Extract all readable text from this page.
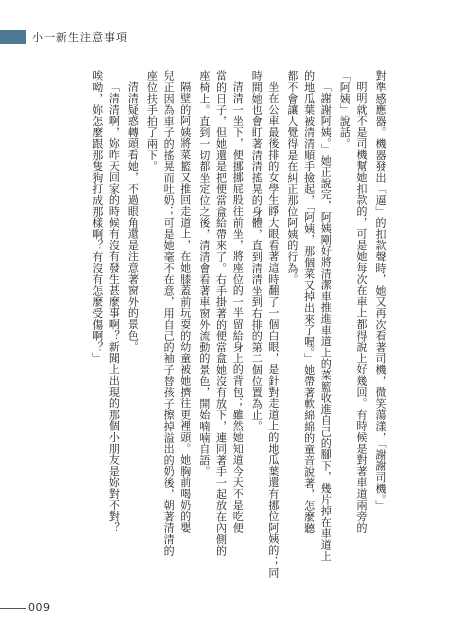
小一新生注意事項
對準感應器。機器發出「逼」的扣款聲時，她又再次看著司機，微笑蕩漾，「謝謝司機。」
明明就不是司機幫她扣款的，可是她每次在車上都得說上好幾回。有時候是對著車道兩旁的
「阿姨」說話。
「謝謝阿姨。」她正說完，阿姨剛好將清潔車推進車道上的菜籃收進自己的腳下，幾片掉在車道上
的地瓜葉被清清順手撿起，「阿姨，那個菜又掉出來了喔。」她帶著軟綿綿的童音說著，怎麼聽
都不會讓人覺得是在糾正那位阿姨的行為。
坐在公車最後排的女學生睜大眼看著這時翻了一個白眼，是針對走道上的地瓜葉還有挪位阿姨的；同
時間她也會盯著清清搖晃的身體，直到清清坐到右排的第二個位置為止。
清清一坐下，便挪挪屁股往前坐，將座位的一半留給身上的背包；雖然她知道今天不是吃便
當的日子，但她還是把便當盒給帶來了。右手掛著的便當盒她沒有放下，連同著手一起放在內側的
座椅上。直到一切都坐定位之後，清清會看著車窗外流動的景色，開始喃喃自語。
隔壁的阿姨將菜籃又推回走道上，在她膝蓋前玩耍的幼童被她擠往更裡頭。她胸前喝奶的嬰
兒正因為車子的搖晃而吐奶；可是她毫不在意，用自己的袖子替孩子擦掉溢出的奶後，朝著清清的
座位扶手拍了兩下。
清清疑惑轉頭看她，不過眼角還是注意著窗外的景色。
「清清啊，妳昨天回家的時候有沒有發生甚麼事啊？新聞上出現的那個小朋友是妳對不對？
唉呦，妳怎麼跟那隻狗打成那樣啊？有沒有怎麼受傷啊？」
009
